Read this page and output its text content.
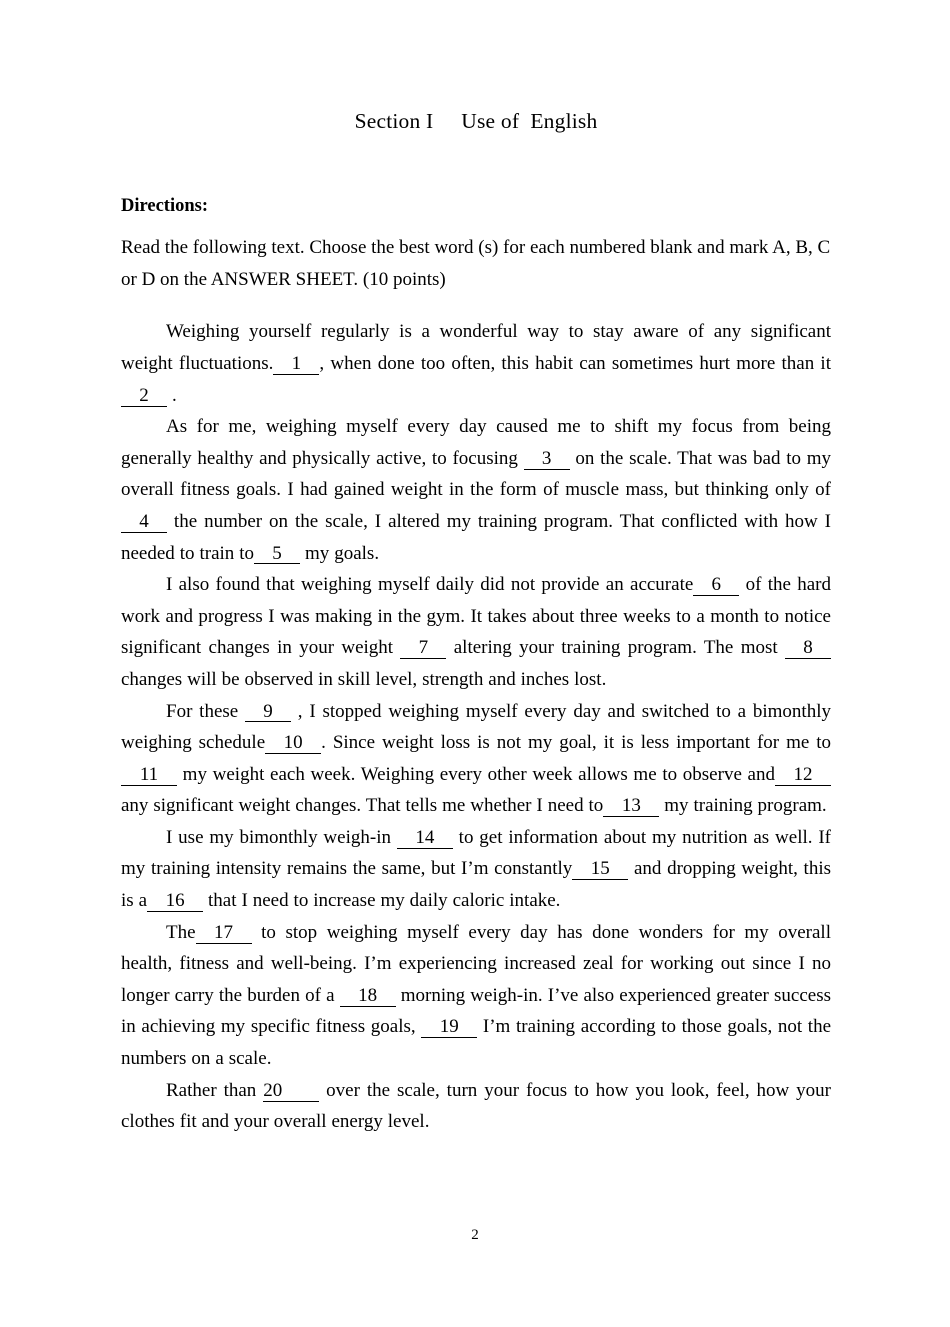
Section I     Use of  English

Directions:

Read the following text. Choose the best word (s) for each numbered blank and mark A, B, C or D on the ANSWER SHEET. (10 points)

Weighing yourself regularly is a wonderful way to stay aware of any significant weight fluctuations. 1 , when done too often, this habit can sometimes hurt more than it 2 .

As for me, weighing myself every day caused me to shift my focus from being generally healthy and physically active, to focusing 3 on the scale. That was bad to my overall fitness goals. I had gained weight in the form of muscle mass, but thinking only of4 the number on the scale, I altered my training program. That conflicted with how I needed to train to 5 my goals.

I also found that weighing myself daily did not provide an accurate 6 of the hard work and progress I was making in the gym. It takes about three weeks to a month to notice significant changes in your weight 7 altering your training program. The most 8 changes will be observed in skill level, strength and inches lost.

For these 9 , I stopped weighing myself every day and switched to a bimonthly weighing schedule 10 . Since weight loss is not my goal, it is less important for me to11 my weight each week. Weighing every other week allows me to observe and 12 any significant weight changes. That tells me whether I need to 13 my training program.

I use my bimonthly weigh-in 14 to get information about my nutrition as well. If my training intensity remains the same, but I’m constantly 15 and dropping weight, this is a 16 that I need to increase my daily caloric intake.

The 17 to stop weighing myself every day has done wonders for my overall health, fitness and well-being. I’m experiencing increased zeal for working out since I no longer carry the burden of a 18 morning weigh-in. I’ve also experienced greater success in achieving my specific fitness goals, 19 I’m training according to those goals, not the numbers on a scale.

Rather than 20 over the scale, turn your focus to how you look, feel, how your clothes fit and your overall energy level.

2
